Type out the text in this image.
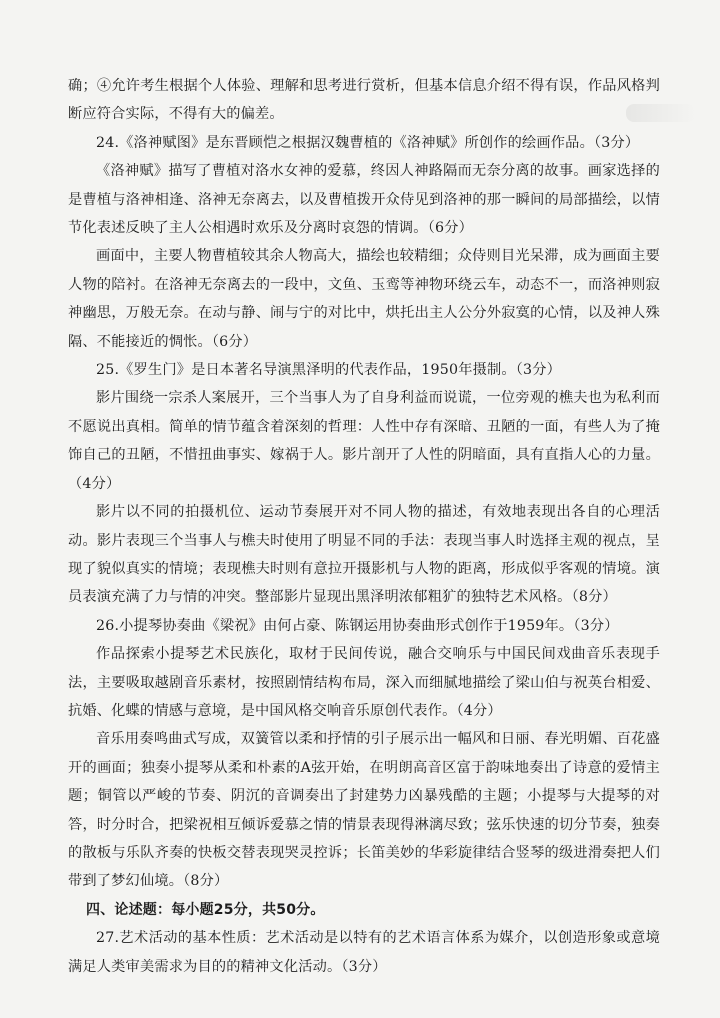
确；④允许考生根据个人体验、理解和思考进行赏析，但基本信息介绍不得有误，作品风格判断应符合实际，不得有大的偏差。

24.《洛神赋图》是东晋顾恺之根据汉魏曹植的《洛神赋》所创作的绘画作品。（3分）

《洛神赋》描写了曹植对洛水女神的爱慕，终因人神路隔而无奈分离的故事。画家选择的是曹植与洛神相逢、洛神无奈离去，以及曹植拨开众侍见到洛神的那一瞬间的局部描绘，以情节化表述反映了主人公相遇时欢乐及分离时哀怨的情调。（6分）

画面中，主要人物曹植较其余人物高大，描绘也较精细；众侍则目光呆滞，成为画面主要人物的陪衬。在洛神无奈离去的一段中，文鱼、玉鸾等神物环绕云车，动态不一，而洛神则寂神幽思，万般无奈。在动与静、闹与宁的对比中，烘托出主人公分外寂寞的心情，以及神人殊隔、不能接近的惆怅。（6分）

25.《罗生门》是日本著名导演黑泽明的代表作品，1950年摄制。（3分）

影片围绕一宗杀人案展开，三个当事人为了自身利益而说谎，一位旁观的樵夫也为私利而不愿说出真相。简单的情节蕴含着深刻的哲理：人性中存有深暗、丑陋的一面，有些人为了掩饰自己的丑陋，不惜扭曲事实、嫁祸于人。影片剖开了人性的阴暗面，具有直指人心的力量。（4分）

影片以不同的拍摄机位、运动节奏展开对不同人物的描述，有效地表现出各自的心理活动。影片表现三个当事人与樵夫时使用了明显不同的手法：表现当事人时选择主观的视点，呈现了貌似真实的情境；表现樵夫时则有意拉开摄影机与人物的距离，形成似乎客观的情境。演员表演充满了力与情的冲突。整部影片显现出黑泽明浓郁粗犷的独特艺术风格。（8分）

26.小提琴协奏曲《梁祝》由何占豪、陈钢运用协奏曲形式创作于1959年。（3分）

作品探索小提琴艺术民族化，取材于民间传说，融合交响乐与中国民间戏曲音乐表现手法，主要吸取越剧音乐素材，按照剧情结构布局，深入而细腻地描绘了梁山伯与祝英台相爱、抗婚、化蝶的情感与意境，是中国风格交响音乐原创代表作。（4分）

音乐用奏鸣曲式写成，双簧管以柔和抒情的引子展示出一幅风和日丽、春光明媚、百花盛开的画面；独奏小提琴从柔和朴素的A弦开始，在明朗高音区富于韵味地奏出了诗意的爱情主题；铜管以严峻的节奏、阴沉的音调奏出了封建势力凶暴残酷的主题；小提琴与大提琴的对答，时分时合，把梁祝相互倾诉爱慕之情的情景表现得淋漓尽致；弦乐快速的切分节奏，独奏的散板与乐队齐奏的快板交替表现哭灵控诉；长笛美妙的华彩旋律结合竖琴的级进滑奏把人们带到了梦幻仙境。（8分）

四、论述题：每小题25分，共50分。

27.艺术活动的基本性质：艺术活动是以特有的艺术语言体系为媒介，以创造形象或意境满足人类审美需求为目的的精神文化活动。（3分）
